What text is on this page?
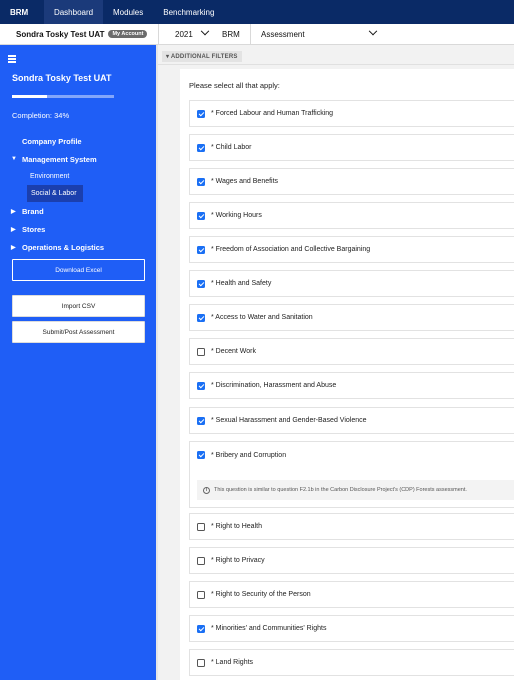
BRM	Dashboard	Modules	Benchmarking
Sondra Tosky Test UAT	My Account	2021	BRM	Assessment
Sondra Tosky Test UAT
Completion: 34%
Company Profile
▼ Management System
Environment
Social & Labor
▶ Brand
▶ Stores
▶ Operations & Logistics
Download Excel
Import CSV
Submit/Post Assessment
▾ ADDITIONAL FILTERS
Please select all that apply:
* Forced Labour and Human Trafficking
* Child Labor
* Wages and Benefits
* Working Hours
* Freedom of Association and Collective Bargaining
* Health and Safety
* Access to Water and Sanitation
* Decent Work
* Discrimination, Harassment and Abuse
* Sexual Harassment and Gender-Based Violence
* Bribery and Corruption
i	This question is similar to question F2.1b in the Carbon Disclosure Project's (CDP) Forests assessment.
* Right to Health
* Right to Privacy
* Right to Security of the Person
* Minorities' and Communities' Rights
* Land Rights
